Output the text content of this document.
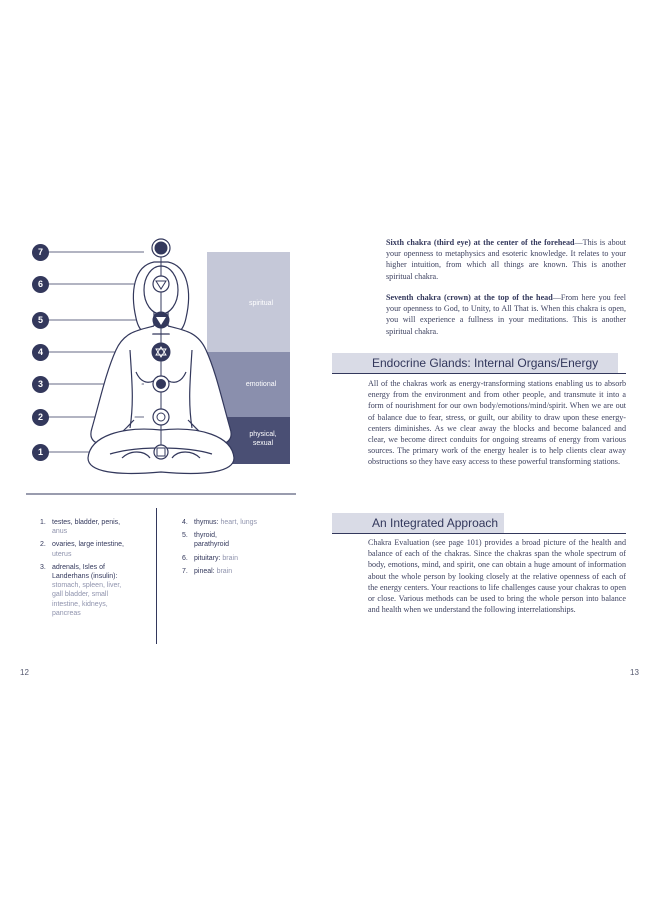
7
6
5
4
3
2
1
spiritual
emotional
physical,
sexual
1. testes, bladder, penis,
anus
2. ovaries, large intestine,
uterus
3. adrenals, Isles of
Landerhans (insulin):
stomach, spleen, liver,
gall bladder, small
intestine, kidneys,
pancreas
4. thymus: heart, lungs
5. thyroid,
parathyroid
6. pituitary: brain
7. pineal: brain
12
Sixth chakra (third eye) at the center of the forehead—This is about your openness to metaphysics and esoteric knowledge. It relates to your higher intuition, from which all things are known. This is another spiritual chakra.
Seventh chakra (crown) at the top of the head—From here you feel your openness to God, to Unity, to All That is. When this chakra is open, you will experience a fullness in your meditations. This is another spiritual chakra.
Endocrine Glands: Internal Organs/Energy
All of the chakras work as energy-transforming stations enabling us to absorb energy from the environment and from other people, and transmute it into a form of nourishment for our own body/emotions/mind/spirit. When we are out of balance due to fear, stress, or guilt, our ability to draw upon these energy-centers diminishes. As we clear away the blocks and become balanced and clear, we become direct conduits for ongoing streams of energy from various sources. The primary work of the energy healer is to help clients clear away obstructions so they have easy access to these powerful transforming stations.
An Integrated Approach
Chakra Evaluation (see page 101) provides a broad picture of the health and balance of each of the chakras. Since the chakras span the whole spectrum of body, emotions, mind, and spirit, one can obtain a huge amount of information about the whole person by looking closely at the relative openness of each of the energy centers. Your reactions to life challenges cause your chakras to open or close. Various methods can be used to bring the whole person into balance and health when we understand the following interrelationships.
13
